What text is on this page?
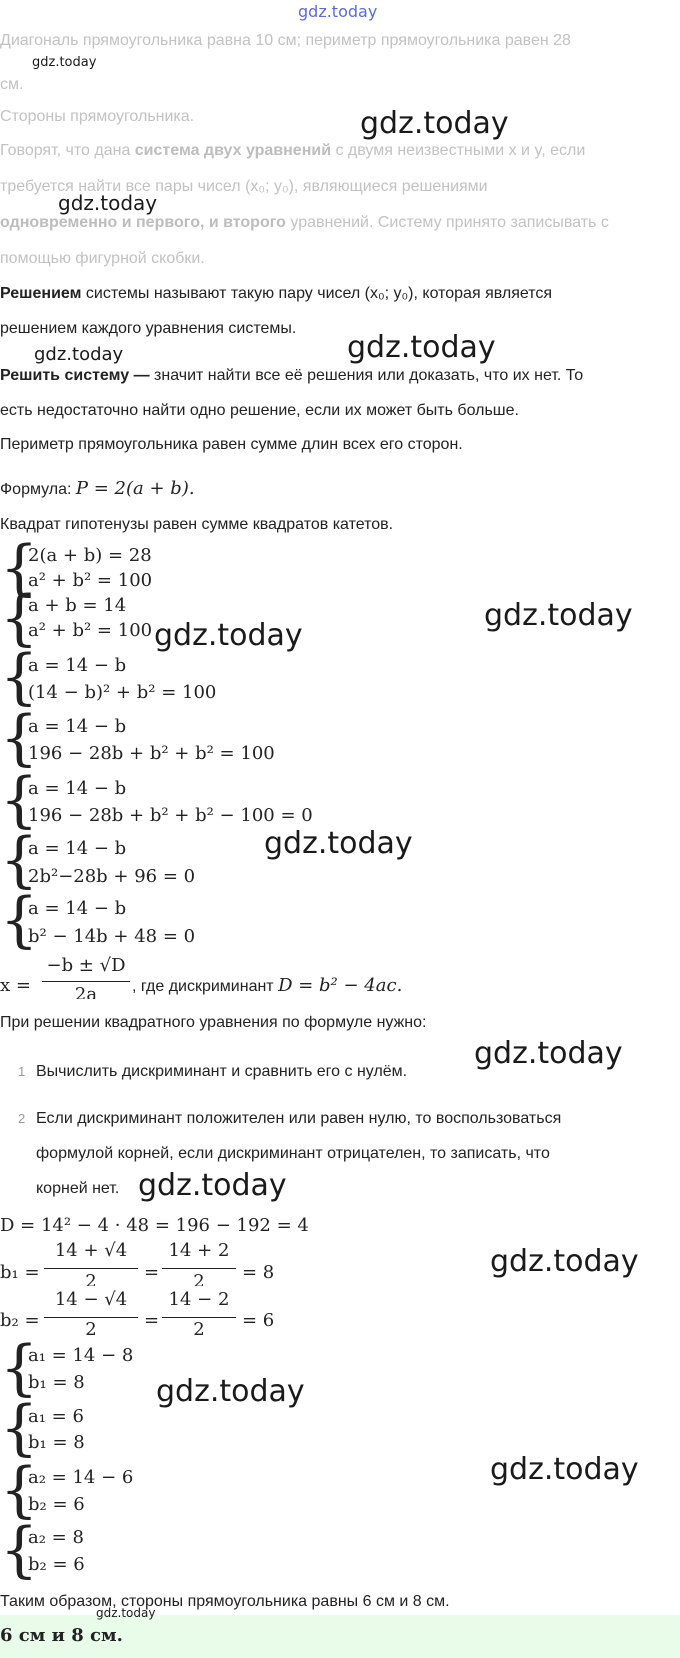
gdz.today
gdz.today
gdz.today
gdz.today
gdz.today	gdz.today
gdz.today
gdz.today
gdz.today
gdz.today
gdz.today
gdz.today
gdz.today
gdz.today
Диагональ прямоугольника равна 10 см; периметр прямоугольника равен 28
см.
Стороны прямоугольника.
Говорят, что дана система двух уравнений с двумя неизвестными x и y, если
требуется найти все пары чисел (x₀; y₀), являющиеся решениями
одновременно и первого, и второго уравнений. Систему принято записывать с
помощью фигурной скобки.
Решением системы называют такую пару чисел (x₀; y₀), которая является
решением каждого уравнения системы.
Решить систему — значит найти все её решения или доказать, что их нет. То
есть недостаточно найти одно решение, если их может быть больше.
Периметр прямоугольника равен сумме длин всех его сторон.
Формула: P = 2(a + b).
Квадрат гипотенузы равен сумме квадратов катетов.
{
2(a + b) = 28
a² + b² = 100
{
a + b = 14
a² + b² = 100
{
a = 14 − b
(14 − b)² + b² = 100
{
a = 14 − b
196 − 28b + b² + b² = 100
{
a = 14 − b
196 − 28b + b² + b² − 100 = 0
{
a = 14 − b
2b²−28b + 96 = 0
{
a = 14 − b
b² − 14b + 48 = 0
x =
−b ± √D
2a	, где дискриминант D = b² − 4ac.
При решении квадратного уравнения по формуле нужно:
1 Вычислить дискриминант и сравнить его с нулём.
2 Если дискриминант положителен или равен нулю, то воспользоваться
формулой корней, если дискриминант отрицателен, то записать, что
корней нет.
D = 14² − 4 · 48 = 196 − 192 = 4
b₁ =
14 + √4
2	=
14 + 2
2	= 8
b₂ =
14 − √4
2	=
14 − 2
2	= 6
{
a₁ = 14 − 8
b₁ = 8
{
a₁ = 6
b₁ = 8
{
a₂ = 14 − 6
b₂ = 6
{
a₂ = 8
b₂ = 6
Таким образом, стороны прямоугольника равны 6 см и 8 см.
6 см и 8 см.
gdz.today
